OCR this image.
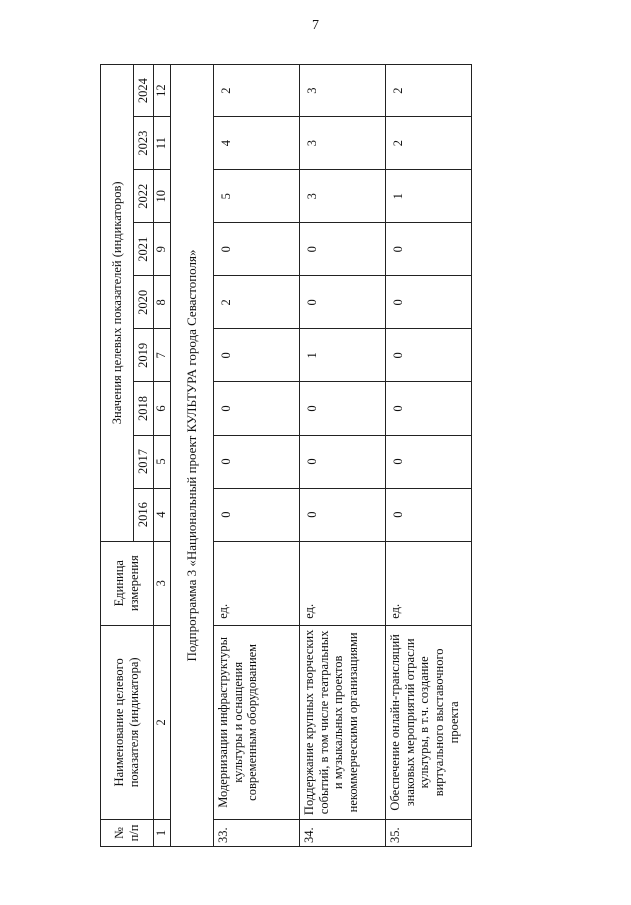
7
№ п/п	Наименование целевого показателя (индикатора)	Единица измерения	Значения целевых показателей (индикаторов)								
			2016	2017	2018	2019	2020	2021	2022	2023	2024
1	2	3	4	5	6	7	8	9	10	11	12
Подпрограмма 3 «Национальный проект КУЛЬТУРА города Севастополя»											
33.	Модернизации инфраструктуры культуры и оснащения современным оборудованием	ед.	0	0	0	0	2	0	5	4	2
34.	Поддержание крупных творческих событий, в том числе театральных и музыкальных проектов некоммерческими организациями	ед.	0	0	0	1	0	0	3	3	3
35.	Обеспечение онлайн-трансляций знаковых мероприятий отрасли культуры, в т.ч. создание виртуального выставочного проекта	ед.	0	0	0	0	0	0	1	2	2
